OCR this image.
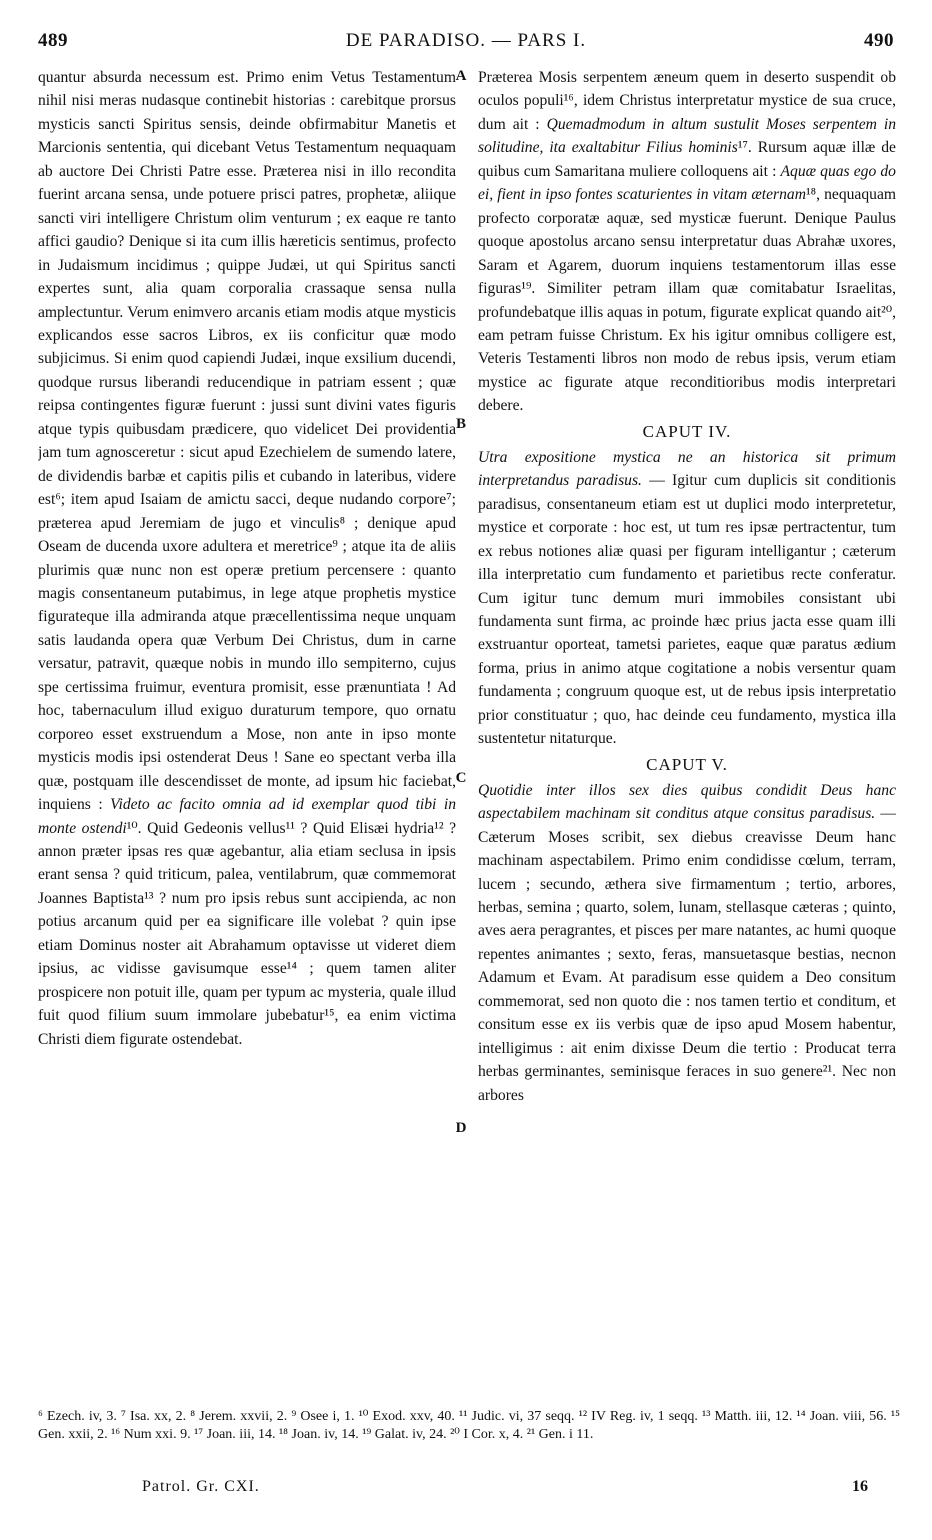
489	DE PARADISO. — PARS I.	490

quantur absurda necessum est. Primo enim Vetus Testamentum nihil nisi meras nudasque continebit historias : carebitque prorsus mysticis sancti Spiritus sensis, deinde obfirmabitur Manetis et Marcionis sententia, qui dicebant Vetus Testamentum nequaquam ab auctore Dei Christi Patre esse. Præterea nisi in illo recondita fuerint arcana sensa, unde potuere prisci patres, prophetæ, aliique sancti viri intelligere Christum olim venturum ; ex eaque re tanto affici gaudio? Denique si ita cum illis hæreticis sentimus, profecto in Judaismum incidimus ; quippe Judæi, ut qui Spiritus sancti expertes sunt, alia quam corporalia crassaque sensa nulla amplectuntur. Verum enimvero arcanis etiam modis atque mysticis explicandos esse sacros Libros, ex iis conficitur quæ modo subjicimus. Si enim quod capiendi Judæi, inque exsilium ducendi, quodque rursus liberandi reducendique in patriam essent ; quæ reipsa contingentes figuræ fuerunt : jussi sunt divini vates figuris atque typis quibusdam prædicere, quo videlicet Dei providentia jam tum agnosceretur : sicut apud Ezechielem de sumendo latere, de dividendis barbæ et capitis pilis et cubando in lateribus, videre est⁶; item apud Isaiam de amictu sacci, deque nudando corpore⁷; præterea apud Jeremiam de jugo et vinculis⁸ ; denique apud Oseam de ducenda uxore adultera et meretrice⁹ ; atque ita de aliis plurimis quæ nunc non est operæ pretium percensere : quanto magis consentaneum putabimus, in lege atque prophetis mystice figurateque illa admiranda atque præcellentissima neque unquam satis laudanda opera quæ Verbum Dei Christus, dum in carne versatur, patravit, quæque nobis in mundo illo sempiterno, cujus spe certissima fruimur, eventura promisit, esse prænuntiata ! Ad hoc, tabernaculum illud exiguo duraturum tempore, quo ornatu corporeo esset exstruendum a Mose, non ante in ipso monte mysticis modis ipsi ostenderat Deus ! Sane eo spectant verba illa quæ, postquam ille descendisset de monte, ad ipsum hic faciebat, inquiens : Videto ac facito omnia ad id exemplar quod tibi in monte ostendi¹⁰. Quid Gedeonis vellus¹¹ ? Quid Elisæi hydria¹² ? annon præter ipsas res quæ agebantur, alia etiam seclusa in ipsis erant sensa ? quid triticum, palea, ventilabrum, quæ commemorat Joannes Baptista¹³ ? num pro ipsis rebus sunt accipienda, ac non potius arcanum quid per ea significare ille volebat ? quin ipse etiam Dominus noster ait Abrahamum optavisse ut videret diem ipsius, ac vidisse gavisumque esse¹⁴ ; quem tamen aliter prospicere non potuit ille, quam per typum ac mysteria, quale illud fuit quod filium suum immolare jubebatur¹⁵, ea enim victima Christi diem figurate ostendebat.

A
B
C
D

Præterea Mosis serpentem æneum quem in deserto suspendit ob oculos populi¹⁶, idem Christus interpretatur mystice de sua cruce, dum ait : Quemadmodum in altum sustulit Moses serpentem in solitudine, ita exaltabitur Filius hominis¹⁷. Rursum aquæ illæ de quibus cum Samaritana muliere colloquens ait : Aquæ quas ego do ei, fient in ipso fontes scaturientes in vitam æternam¹⁸, nequaquam profecto corporatæ aquæ, sed mysticæ fuerunt. Denique Paulus quoque apostolus arcano sensu interpretatur duas Abrahæ uxores, Saram et Agarem, duorum inquiens testamentorum illas esse figuras¹⁹. Similiter petram illam quæ comitabatur Israelitas, profundebatque illis aquas in potum, figurate explicat quando ait²⁰, eam petram fuisse Christum. Ex his igitur omnibus colligere est, Veteris Testamenti libros non modo de rebus ipsis, verum etiam mystice ac figurate atque reconditioribus modis interpretari debere.

CAPUT IV.

Utra expositione mystica ne an historica sit primum interpretandus paradisus. — Igitur cum duplicis sit conditionis paradisus, consentaneum etiam est ut duplici modo interpretetur, mystice et corporate : hoc est, ut tum res ipsæ pertractentur, tum ex rebus notiones aliæ quasi per figuram intelligantur ; cæterum illa interpretatio cum fundamento et parietibus recte conferatur. Cum igitur tunc demum muri immobiles consistant ubi fundamenta sunt firma, ac proinde hæc prius jacta esse quam illi exstruantur oporteat, tametsi parietes, eaque quæ paratus ædium forma, prius in animo atque cogitatione a nobis versentur quam fundamenta ; congruum quoque est, ut de rebus ipsis interpretatio prior constituatur ; quo, hac deinde ceu fundamento, mystica illa sustentetur nitaturque.

CAPUT V.

Quotidie inter illos sex dies quibus condidit Deus hanc aspectabilem machinam sit conditus atque consitus paradisus. — Cæterum Moses scribit, sex diebus creavisse Deum hanc machinam aspectabilem. Primo enim condidisse cœlum, terram, lucem ; secundo, æthera sive firmamentum ; tertio, arbores, herbas, semina ; quarto, solem, lunam, stellasque cæteras ; quinto, aves aera peragrantes, et pisces per mare natantes, ac humi quoque repentes animantes ; sexto, feras, mansuetasque bestias, necnon Adamum et Evam. At paradisum esse quidem a Deo consitum commemorat, sed non quoto die : nos tamen tertio et conditum, et consitum esse ex iis verbis quæ de ipso apud Mosem habentur, intelligimus : ait enim dixisse Deum die tertio : Producat terra herbas germinantes, seminisque feraces in suo genere²¹. Nec non arbores

⁶ Ezech. iv, 3. ⁷ Isa. xx, 2. ⁸ Jerem. xxvii, 2. ⁹ Osee i, 1. ¹⁰ Exod. xxv, 40. ¹¹ Judic. vi, 37 seqq. ¹² IV Reg. iv, 1 seqq. ¹³ Matth. iii, 12. ¹⁴ Joan. viii, 56. ¹⁵ Gen. xxii, 2. ¹⁶ Num xxi. 9. ¹⁷ Joan. iii, 14. ¹⁸ Joan. iv, 14. ¹⁹ Galat. iv, 24. ²⁰ I Cor. x, 4. ²¹ Gen. i 11.
Patrol. Gr. CXI.	16
